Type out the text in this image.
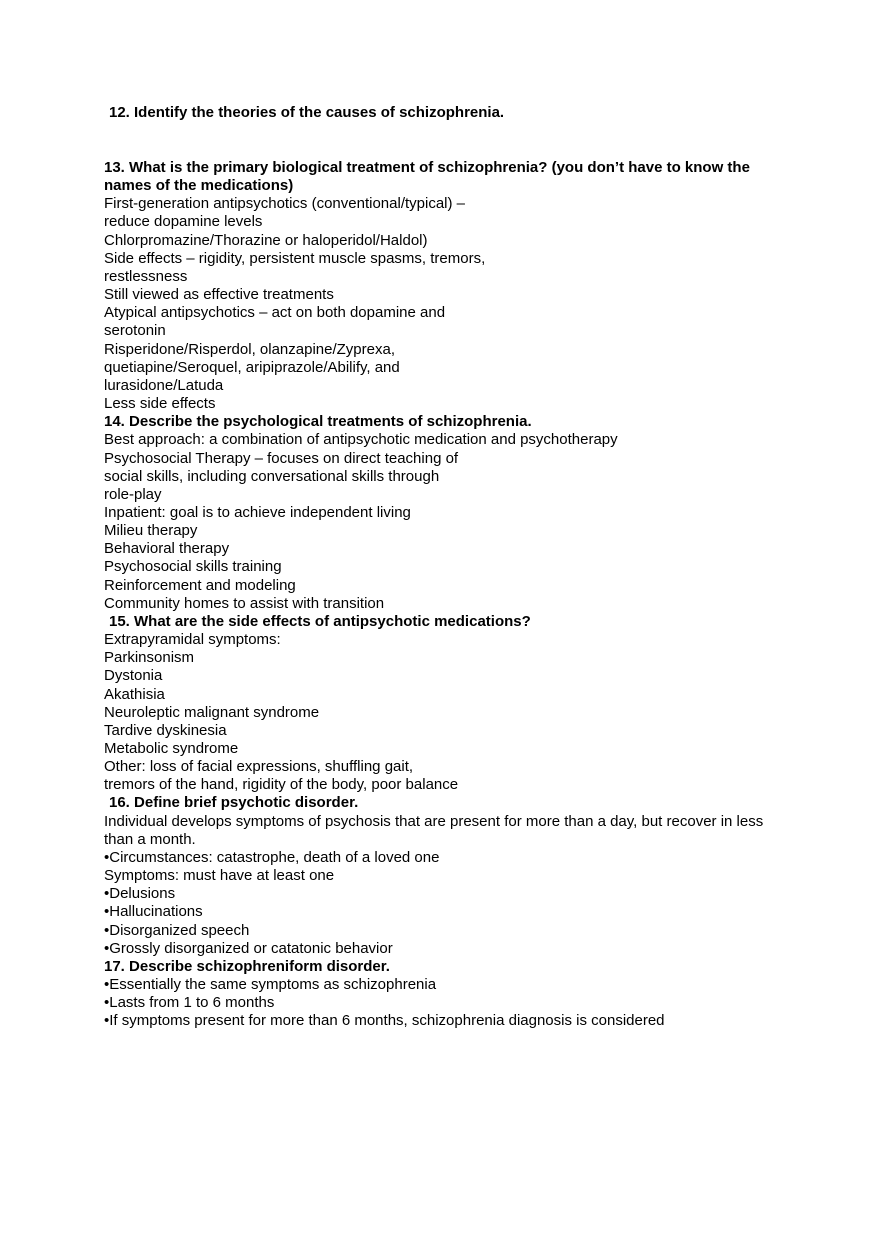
12. Identify the theories of the causes of schizophrenia.
13. What is the primary biological treatment of schizophrenia? (you don’t have to know the names of the medications)
First-generation antipsychotics (conventional/typical) –
reduce dopamine levels
Chlorpromazine/Thorazine or haloperidol/Haldol)
Side effects – rigidity, persistent muscle spasms, tremors,
restlessness
Still viewed as effective treatments
Atypical antipsychotics – act on both dopamine and
serotonin
Risperidone/Risperdol, olanzapine/Zyprexa,
quetiapine/Seroquel, aripiprazole/Abilify, and
lurasidone/Latuda
Less side effects
14. Describe the psychological treatments of schizophrenia.
Best approach: a combination of antipsychotic medication and psychotherapy
Psychosocial Therapy – focuses on direct teaching of
social skills, including conversational skills through
role-play
Inpatient: goal is to achieve independent living
Milieu therapy
Behavioral therapy
Psychosocial skills training
Reinforcement and modeling
Community homes to assist with transition
15. What are the side effects of antipsychotic medications?
Extrapyramidal symptoms:
Parkinsonism
Dystonia
Akathisia
Neuroleptic malignant syndrome
Tardive dyskinesia
Metabolic syndrome
Other: loss of facial expressions, shuffling gait,
tremors of the hand, rigidity of the body, poor balance
16. Define brief psychotic disorder.
Individual develops symptoms of psychosis that are present for more than a day, but recover in less than a month.
•Circumstances: catastrophe, death of a loved one
Symptoms: must have at least one
•Delusions
•Hallucinations
•Disorganized speech
•Grossly disorganized or catatonic behavior
17. Describe schizophreniform disorder.
•Essentially the same symptoms as schizophrenia
•Lasts from 1 to 6 months
•If symptoms present for more than 6 months, schizophrenia diagnosis is considered
